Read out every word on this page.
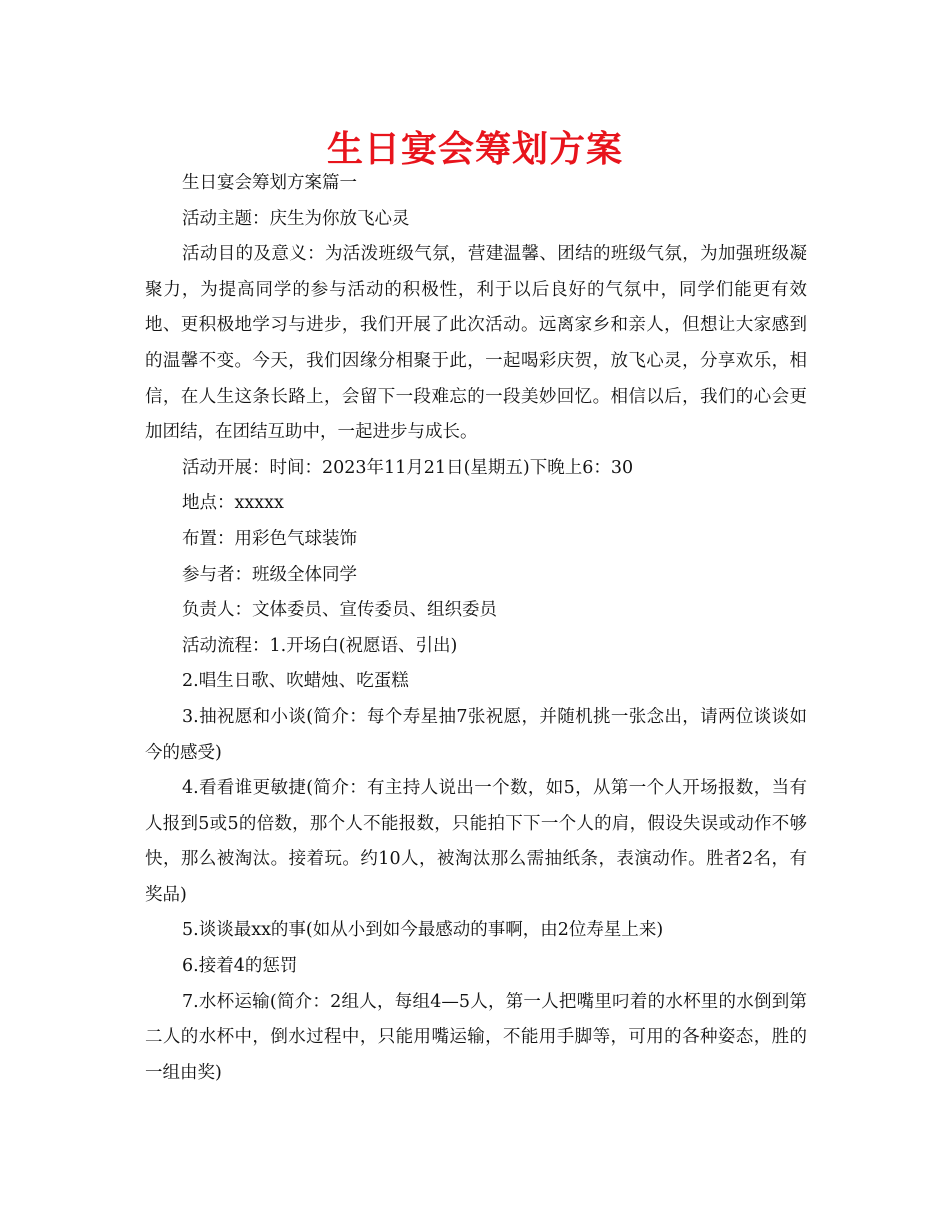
生日宴会筹划方案

生日宴会筹划方案篇一

活动主题：庆生为你放飞心灵

活动目的及意义：为活泼班级气氛，营建温馨、团结的班级气氛，为加强班级凝聚力，为提高同学的参与活动的积极性，利于以后良好的气氛中，同学们能更有效地、更积极地学习与进步，我们开展了此次活动。远离家乡和亲人，但想让大家感到的温馨不变。今天，我们因缘分相聚于此，一起喝彩庆贺，放飞心灵，分享欢乐，相信，在人生这条长路上，会留下一段难忘的一段美妙回忆。相信以后，我们的心会更加团结，在团结互助中，一起进步与成长。

活动开展：时间：2023年11月21日(星期五)下晚上6：30

地点：xxxxx

布置：用彩色气球装饰

参与者：班级全体同学

负责人：文体委员、宣传委员、组织委员

活动流程：1.开场白(祝愿语、引出)

2.唱生日歌、吹蜡烛、吃蛋糕

3.抽祝愿和小谈(简介：每个寿星抽7张祝愿，并随机挑一张念出，请两位谈谈如今的感受)

4.看看谁更敏捷(简介：有主持人说出一个数，如5，从第一个人开场报数，当有人报到5或5的倍数，那个人不能报数，只能拍下下一个人的肩，假设失误或动作不够快，那么被淘汰。接着玩。约10人，被淘汰那么需抽纸条，表演动作。胜者2名，有奖品)

5.谈谈最xx的事(如从小到如今最感动的事啊，由2位寿星上来)

6.接着4的惩罚

7.水杯运输(简介：2组人，每组4—5人，第一人把嘴里叼着的水杯里的水倒到第二人的水杯中，倒水过程中，只能用嘴运输，不能用手脚等，可用的各种姿态，胜的一组由奖)
